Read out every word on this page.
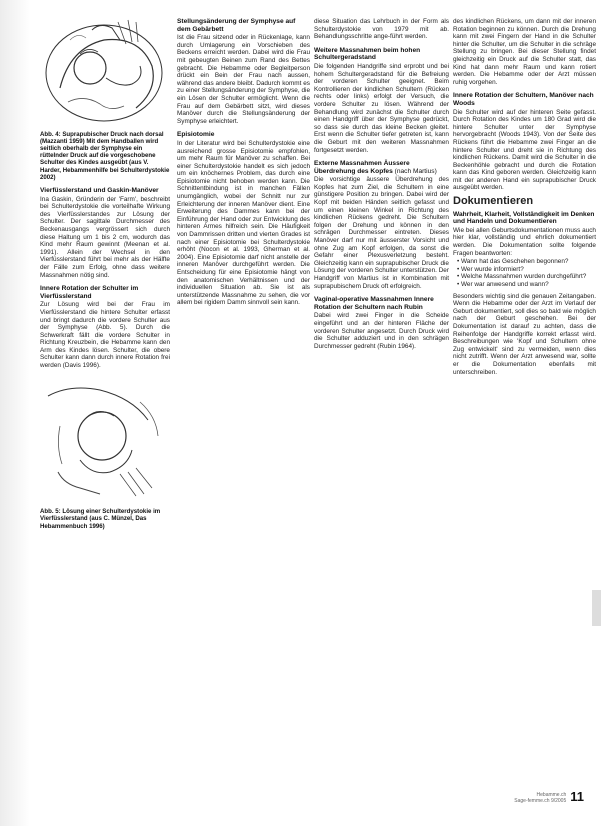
Abb. 4: Suprapubischer Druck nach dorsal (Mazzanti 1959) Mit dem Handballen wird seitlich oberhalb der Symphyse ein rütteInder Druck auf die vorgeschobene Schulter des Kindes ausgeübt (aus V. Harder, Hebammenhilfe bei Schulterdystokie 2002)
Vierfüsslerstand und Gaskin-Manöver

Ina Gaskin, Gründerin der 'Farm', beschreibt bei Schulterdystokie die vorteilhafte Wirkung des Vierfüsslerstandes zur Lösung der Schulter. Der sagittale Durchmesser des Beckenausgangs vergrössert sich durch diese Haltung um 1 bis 2 cm, wodurch das Kind mehr Raum gewinnt (Meenan et al. 1991). Allein der Wechsel in den Vierfüsslerstand führt bei mehr als der Hälfte der Fälle zum Erfolg, ohne dass weitere Massnahmen nötig sind.

Innere Rotation der Schulter im Vierfüsslerstand

Zur Lösung wird bei der Frau im Vierfüsslerstand die hintere Schulter erfasst und bringt dadurch die vordere Schulter aus der Symphyse (Abb. 5). Durch die Schwerkraft fällt die vordere Schulter in Richtung Kreuzbein, die Hebamme kann den Arm des Kindes lösen. Schulter, die obere Schulter kann dann durch innere Rotation frei werden (Davis 1996).

Abb. 5: Lösung einer Schulterdystokie im Vierfüsslerstand (aus C. Münzel, Das Hebammenbuch 1996)
Stellungsänderung der Symphyse auf dem Gebärbett

Ist die Frau sitzend oder in Rückenlage, kann durch Umlagerung ein Vorschieben des Beckens erreicht werden. Dabei wird die Frau mit gebeugten Beinen zum Rand des Bettes gebracht. Die Hebamme oder Begleitperson drückt ein Bein der Frau nach aussen, während das andere bleibt. Dadurch kommt es zu einer Stellungsänderung der Symphyse, die ein Lösen der Schulter ermöglicht. Wenn die Frau auf dem Gebärbett sitzt, wird dieses Manöver durch die Stellungsänderung der Symphyse erleichtert.

Episiotomie

In der Literatur wird bei Schulterdystokie eine ausreichend grosse Episiotomie empfohlen, um mehr Raum für Manöver zu schaffen. Bei einer Schulterdystokie handelt es sich jedoch um ein knöchernes Problem, das durch eine Episiotomie nicht behoben werden kann. Die Schnittentbindung ist in manchen Fällen unumgänglich, wobei der Schnitt nur zur Erleichterung der inneren Manöver dient. Eine Erweiterung des Dammes kann bei der Einführung der Hand oder zur Entwicklung des hinteren Armes hilfreich sein. Die Häufigkeit von Dammrissen dritten und vierten Grades ist nach einer Episiotomie bei Schulterdystokie erhöht (Nocon et al. 1993, Gherman et al. 2004). Eine Episiotomie darf nicht anstelle der inneren Manöver durchgeführt werden. Die Entscheidung für eine Episiotomie hängt von den anatomischen Verhältnissen und der individuellen Situation ab. Sie ist als unterstützende Massnahme zu sehen, die vor allem bei rigidem Damm sinnvoll sein kann.

diese Situation das Lehrbuch in der Form als Schulterdystokie von 1979 mit ab. Behandlungsschritte ange-führt werden.

Weitere Massnahmen beim hohen Schultergeradstand

Die folgenden Handgriffe sind erprobt und bei hohem Schultergeradstand für die Befreiung der vorderen Schulter geeignet. Beim Kontrollieren der kindlichen Schultern (Rücken rechts oder links) erfolgt der Versuch, die vordere Schulter zu lösen. Während der Behandlung wird zunächst die Schulter durch einen Handgriff über der Symphyse gedrückt, so dass sie durch das kleine Becken gleitet. Erst wenn die Schulter tiefer getreten ist, kann die Geburt mit den weiteren Massnahmen fortgesetzt werden.

Externe Massnahmen Äussere Überdrehung des Kopfes (nach Martius)

Die vorsichtige äussere Überdrehung des Kopfes hat zum Ziel, die Schultern in eine günstigere Position zu bringen. Dabei wird der Kopf mit beiden Händen seitlich gefasst und um einen kleinen Winkel in Richtung des kindlichen Rückens gedreht. Die Schultern folgen der Drehung und können in den schrägen Durchmesser eintreten. Dieses Manöver darf nur mit äusserster Vorsicht und ohne Zug am Kopf erfolgen, da sonst die Gefahr einer Plexusverletzung besteht. Gleichzeitig kann ein suprapubischer Druck die Lösung der vorderen Schulter unterstützen. Der Handgriff von Martius ist in Kombination mit suprapubischem Druck oft erfolgreich.

Vaginal-operative Massnahmen Innere Rotation der Schultern nach Rubin

Dabei wird zwei Finger in die Scheide eingeführt und an der hinteren Fläche der vorderen Schulter angesetzt. Durch Druck wird die Schulter adduziert und in den schrägen Durchmesser gedreht (Rubin 1964).

des kindlichen Rückens, um dann mit der inneren Rotation beginnen zu können. Durch die Drehung kann mit zwei Fingern der Hand in die Schulter hinter die Schulter, um die Schulter in die schräge Stellung zu bringen. Bei dieser Stellung findet gleichzeitig ein Druck auf die Schulter statt, das Kind hat dann mehr Raum und kann rotiert werden. Die Hebamme oder der Arzt müssen ruhig vorgehen.

Innere Rotation der Schultern, Manöver nach Woods

Die Schulter wird auf der hinteren Seite gefasst. Durch Rotation des Kindes um 180 Grad wird die hintere Schulter unter der Symphyse hervorgebracht (Woods 1943). Von der Seite des Rückens führt die Hebamme zwei Finger an die hintere Schulter und dreht sie in Richtung des kindlichen Rückens. Damit wird die Schulter in die Beckenhöhle gebracht und durch die Rotation kann das Kind geboren werden. Gleichzeitig kann mit der anderen Hand ein suprapubischer Druck ausgeübt werden.

Dokumentieren
Wahrheit, Klarheit, Vollständigkeit im Denken und Handeln und Dokumentieren

Wie bei allen Geburtsdokumentationen muss auch hier klar, vollständig und ehrlich dokumentiert werden. Die Dokumentation sollte folgende Fragen beantworten:

• Wann hat das Geschehen begonnen?
• Wer wurde informiert?
• Welche Massnahmen wurden durchgeführt?
• Wer war anwesend und wann?

Besonders wichtig sind die genauen Zeitangaben. Wenn die Hebamme oder der Arzt im Verlauf der Geburt dokumentiert, soll dies so bald wie möglich nach der Geburt geschehen. Bei der Dokumentation ist darauf zu achten, dass die Reihenfolge der Handgriffe korrekt erfasst wird. Beschreibungen wie 'Kopf und Schultern ohne Zug entwickelt' sind zu vermeiden, wenn dies nicht zutrifft. Wenn der Arzt anwesend war, sollte er die Dokumentation ebenfalls mit unterschreiben.

Hebamme.ch
Sage-femme.ch 9/2005 11
